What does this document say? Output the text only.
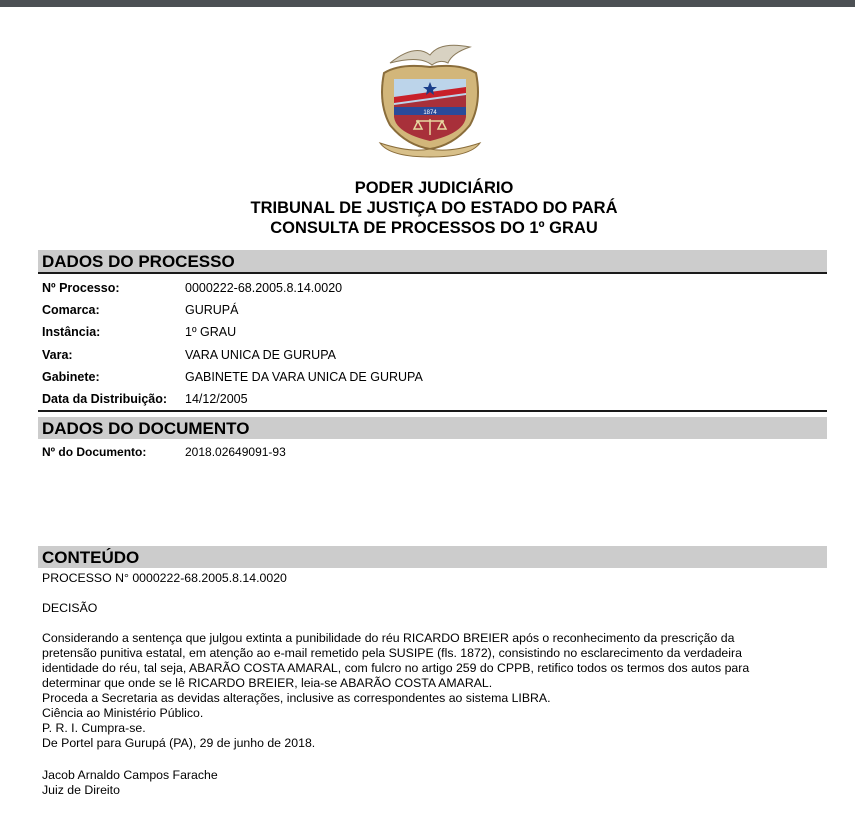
1874
PODER JUDICIÁRIO
TRIBUNAL DE JUSTIÇA DO ESTADO DO PARÁ
CONSULTA DE PROCESSOS DO 1º GRAU
DADOS DO PROCESSO
Nº Processo:	0000222-68.2005.8.14.0020
Comarca:	GURUPÁ
Instância:	1º GRAU
Vara:	VARA UNICA DE GURUPA
Gabinete:	GABINETE DA VARA UNICA DE GURUPA
Data da Distribuição: 14/12/2005
DADOS DO DOCUMENTO
Nº do Documento:	2018.02649091-93
CONTEÚDO
PROCESSO N° 0000222-68.2005.8.14.0020
DECISÃO
Considerando a sentença que julgou extinta a punibilidade do réu RICARDO BREIER após o reconhecimento da prescrição da
pretensão punitiva estatal, em atenção ao e-mail remetido pela SUSIPE (fls. 1872), consistindo no esclarecimento da verdadeira
identidade do réu, tal seja, ABARÃO COSTA AMARAL, com fulcro no artigo 259 do CPPB, retifico todos os termos dos autos para
determinar que onde se lê RICARDO BREIER, leia-se ABARÃO COSTA AMARAL.
Proceda a Secretaria as devidas alterações, inclusive as correspondentes ao sistema LIBRA.
Ciência ao Ministério Público.
P. R. I. Cumpra-se.
De Portel para Gurupá (PA), 29 de junho de 2018.
Jacob Arnaldo Campos Farache
Juiz de Direito
